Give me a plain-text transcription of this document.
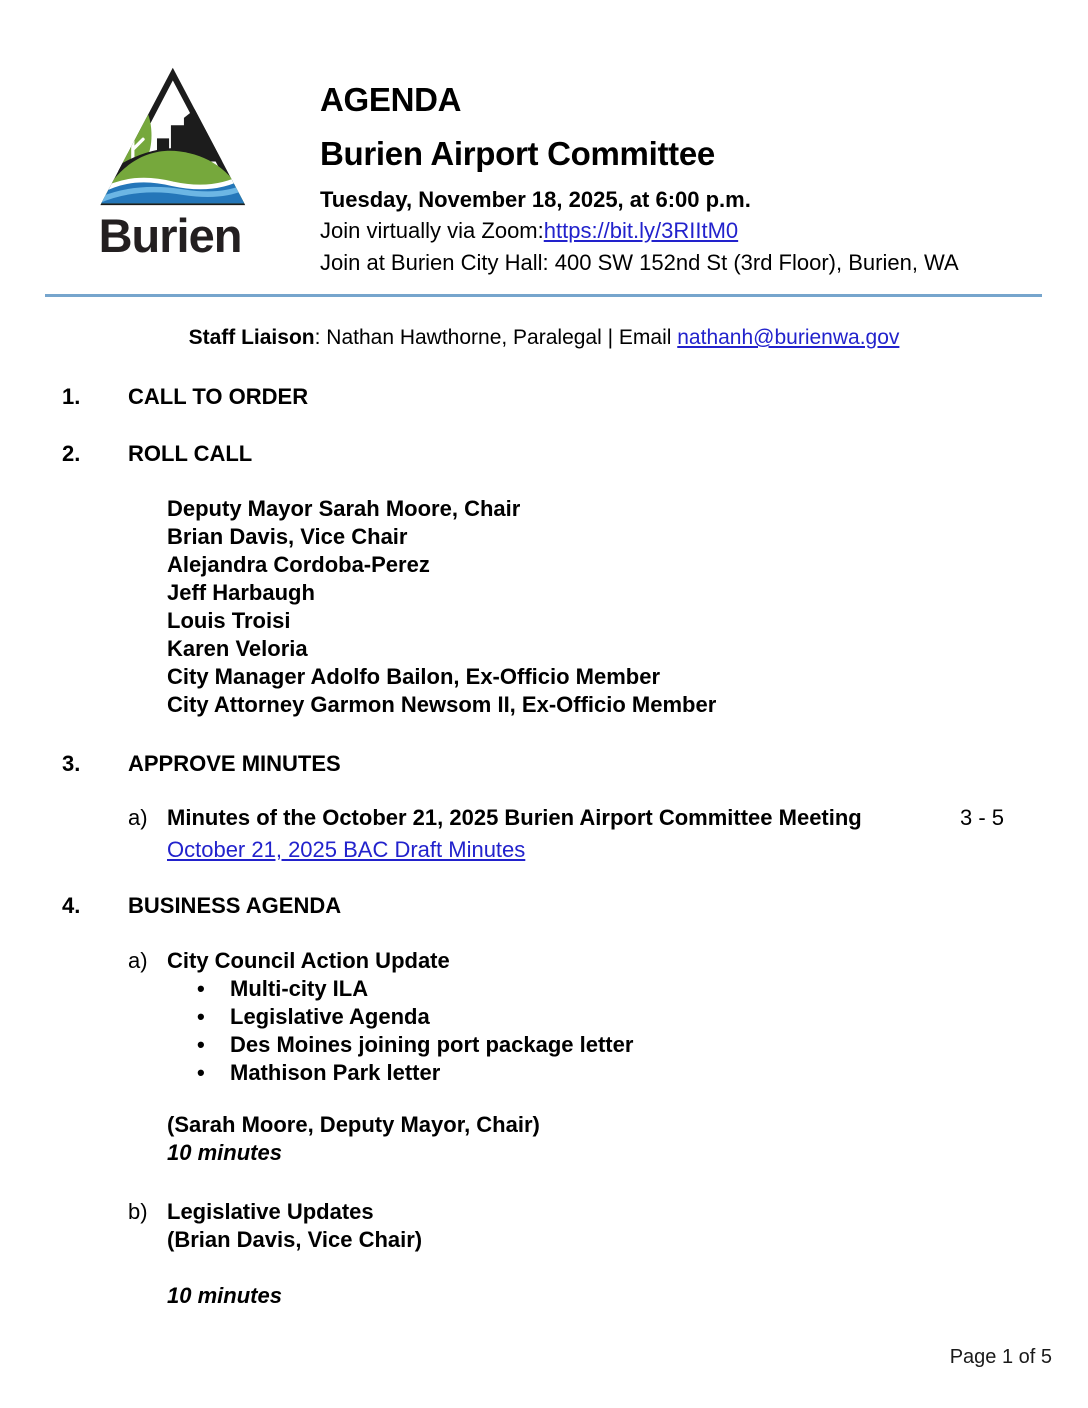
Burien
AGENDA
Burien Airport Committee
Tuesday, November 18, 2025, at 6:00 p.m.
Join virtually via Zoom:https://bit.ly/3RIItM0
Join at Burien City Hall: 400 SW 152nd St (3rd Floor), Burien, WA
Staff Liaison: Nathan Hawthorne, Paralegal | Email nathanh@burienwa.gov
1. CALL TO ORDER
2. ROLL CALL
Deputy Mayor Sarah Moore, Chair
Brian Davis, Vice Chair
Alejandra Cordoba-Perez
Jeff Harbaugh
Louis Troisi
Karen Veloria
City Manager Adolfo Bailon, Ex-Officio Member
City Attorney Garmon Newsom II, Ex-Officio Member
3. APPROVE MINUTES
a) Minutes of the October 21, 2025 Burien Airport Committee Meeting	3 - 5
October 21, 2025 BAC Draft Minutes
4. BUSINESS AGENDA
a) City Council Action Update
• Multi-city ILA
• Legislative Agenda
• Des Moines joining port package letter
• Mathison Park letter
(Sarah Moore, Deputy Mayor, Chair)
10 minutes
b) Legislative Updates
(Brian Davis, Vice Chair)
10 minutes
Page 1 of 5
